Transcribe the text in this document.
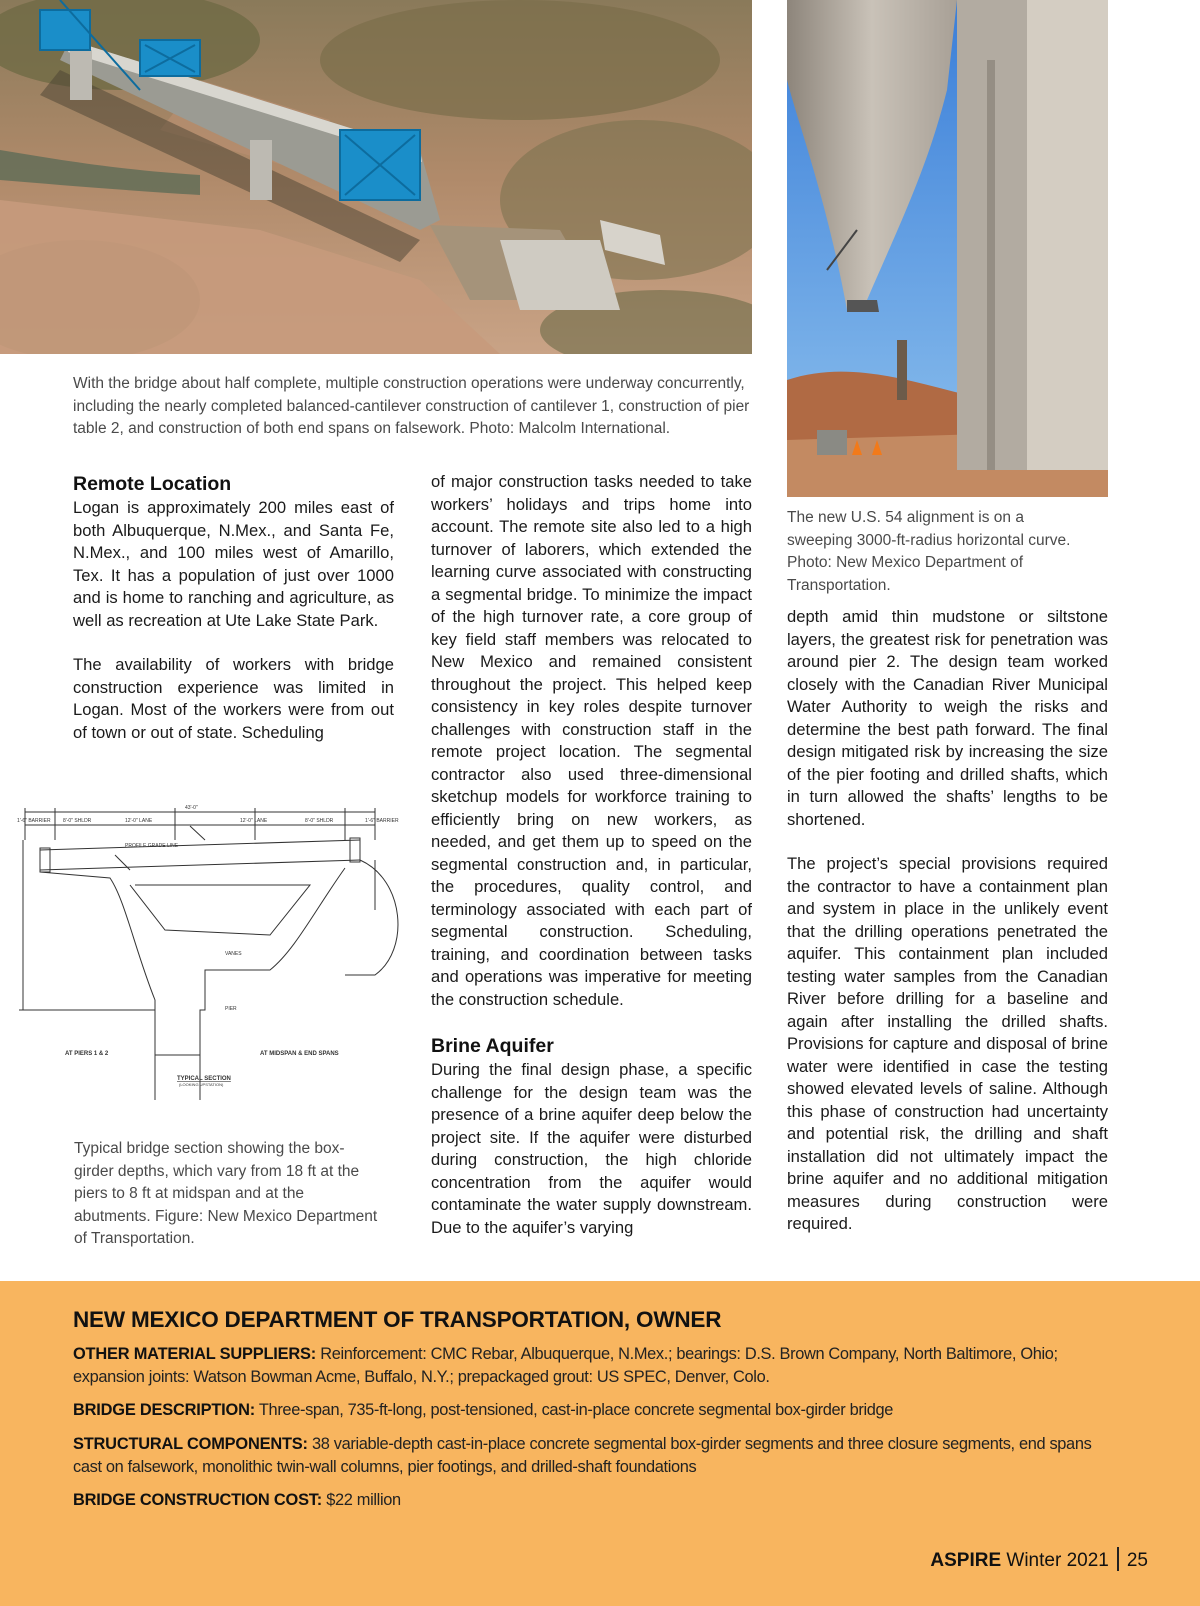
With the bridge about half complete, multiple construction operations were underway concurrently, including the nearly completed balanced-cantilever construction of cantilever 1, construction of pier table 2, and construction of both end spans on falsework. Photo: Malcolm International.
The new U.S. 54 alignment is on a sweeping 3000-ft-radius horizontal curve. Photo: New Mexico Department of Transportation.
Remote Location

Logan is approximately 200 miles east of both Albuquerque, N.Mex., and Santa Fe, N.Mex., and 100 miles west of Amarillo, Tex. It has a population of just over 1000 and is home to ranching and agriculture, as well as recreation at Ute Lake State Park.

The availability of workers with bridge construction experience was limited in Logan. Most of the workers were from out of town or out of state. Scheduling

43'-0"
1'-6" BARRIER 8'-0" SHLDR	12'-0" LANE	12'-0" LANE	8'-0" SHLDR	1'-6" BARRIER
PROFILE GRADE LINE
VANES
PIER
AT PIERS 1 & 2	AT MIDSPAN & END SPANS
TYPICAL SECTION
(LOOKING UPSTATION)
Typical bridge section showing the box-girder depths, which vary from 18 ft at the piers to 8 ft at midspan and at the abutments. Figure: New Mexico Department of Transportation.

of major construction tasks needed to take workers’ holidays and trips home into account. The remote site also led to a high turnover of laborers, which extended the learning curve associated with constructing a segmental bridge. To minimize the impact of the high turnover rate, a core group of key field staff members was relocated to New Mexico and remained consistent throughout the project. This helped keep consistency in key roles despite turnover challenges with construction staff in the remote project location. The segmental contractor also used three-dimensional sketchup models for workforce training to efficiently bring on new workers, as needed, and get them up to speed on the segmental construction and, in particular, the procedures, quality control, and terminology associated with each part of segmental construction. Scheduling, training, and coordination between tasks and operations was imperative for meeting the construction schedule.

Brine Aquifer

During the final design phase, a specific challenge for the design team was the presence of a brine aquifer deep below the project site. If the aquifer were disturbed during construction, the high chloride concentration from the aquifer would contaminate the water supply downstream. Due to the aquifer’s varying

depth amid thin mudstone or siltstone layers, the greatest risk for penetration was around pier 2. The design team worked closely with the Canadian River Municipal Water Authority to weigh the risks and determine the best path forward. The final design mitigated risk by increasing the size of the pier footing and drilled shafts, which in turn allowed the shafts’ lengths to be shortened.

The project’s special provisions required the contractor to have a containment plan and system in place in the unlikely event that the drilling operations penetrated the aquifer. This containment plan included testing water samples from the Canadian River before drilling for a baseline and again after installing the drilled shafts. Provisions for capture and disposal of brine water were identified in case the testing showed elevated levels of saline. Although this phase of construction had uncertainty and potential risk, the drilling and shaft installation did not ultimately impact the brine aquifer and no additional mitigation measures during construction were required.

NEW MEXICO DEPARTMENT OF TRANSPORTATION, OWNER
OTHER MATERIAL SUPPLIERS: Reinforcement: CMC Rebar, Albuquerque, N.Mex.; bearings: D.S. Brown Company, North Baltimore, Ohio; expansion joints: Watson Bowman Acme, Buffalo, N.Y.; prepackaged grout: US SPEC, Denver, Colo.
BRIDGE DESCRIPTION: Three-span, 735-ft-long, post-tensioned, cast-in-place concrete segmental box-girder bridge
STRUCTURAL COMPONENTS: 38 variable-depth cast-in-place concrete segmental box-girder segments and three closure segments, end spans cast on falsework, monolithic twin-wall columns, pier footings, and drilled-shaft foundations
BRIDGE CONSTRUCTION COST: $22 million
ASPIRE Winter 2021 25
